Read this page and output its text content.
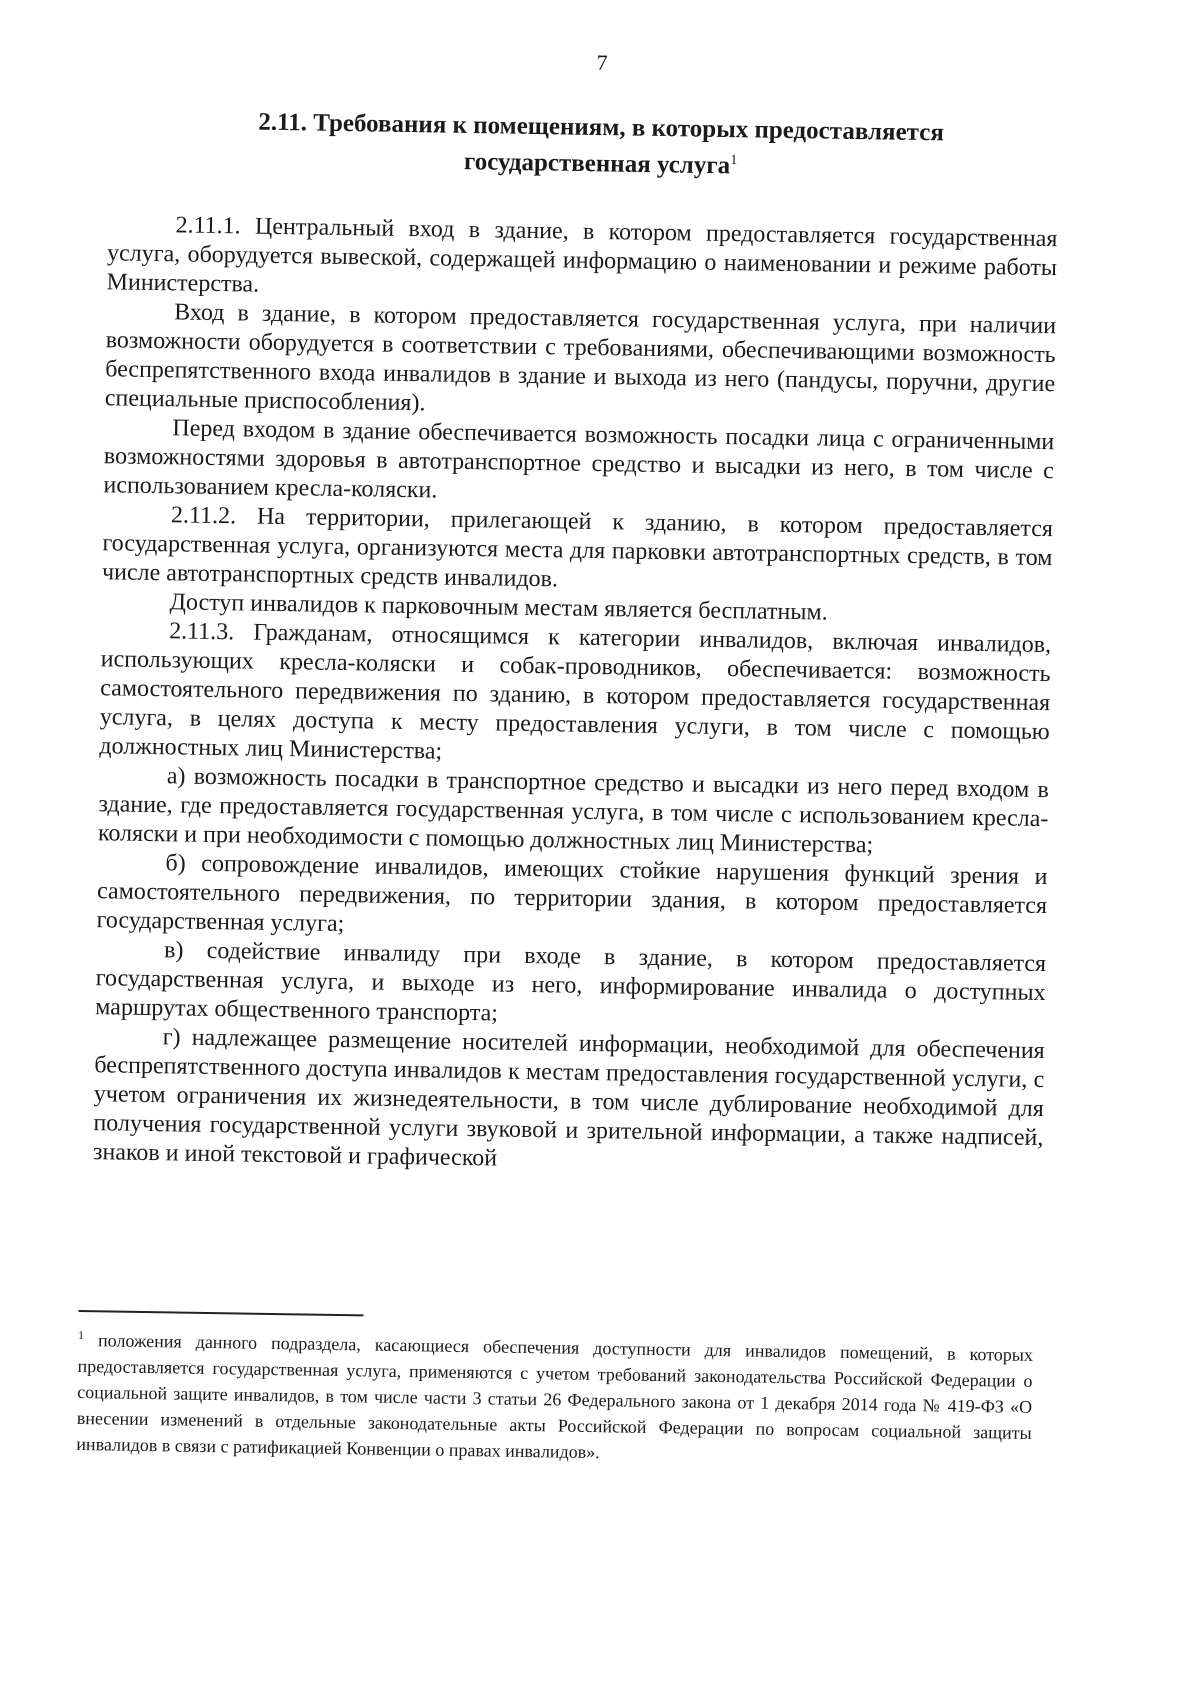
7
2.11. Требования к помещениям, в которых предоставляется
государственная услуга$^1$

2.11.1. Центральный вход в здание, в котором предоставляется государственная услуга, оборудуется вывеской, содержащей информацию о наименовании и режиме работы Министерства.

Вход в здание, в котором предоставляется государственная услуга, при наличии возможности оборудуется в соответствии с требованиями, обеспечивающими возможность беспрепятственного входа инвалидов в здание и выхода из него (пандусы, поручни, другие специальные приспособления).

Перед входом в здание обеспечивается возможность посадки лица с ограниченными возможностями здоровья в автотранспортное средство и высадки из него, в том числе с использованием кресла-коляски.

2.11.2. На территории, прилегающей к зданию, в котором предоставляется государственная услуга, организуются места для парковки автотранспортных средств, в том числе автотранспортных средств инвалидов.

Доступ инвалидов к парковочным местам является бесплатным.

2.11.3. Гражданам, относящимся к категории инвалидов, включая инвалидов, использующих кресла-коляски и собак-проводников, обеспечивается: возможность самостоятельного передвижения по зданию, в котором предоставляется государственная услуга, в целях доступа к месту предоставления услуги, в том числе с помощью должностных лиц Министерства;

а) возможность посадки в транспортное средство и высадки из него перед входом в здание, где предоставляется государственная услуга, в том числе с использованием кресла-коляски и при необходимости с помощью должностных лиц Министерства;

б) сопровождение инвалидов, имеющих стойкие нарушения функций зрения и самостоятельного передвижения, по территории здания, в котором предоставляется государственная услуга;

в) содействие инвалиду при входе в здание, в котором предоставляется государственная услуга, и выходе из него, информирование инвалида о доступных маршрутах общественного транспорта;

г) надлежащее размещение носителей информации, необходимой для обеспечения беспрепятственного доступа инвалидов к местам предоставления государственной услуги, с учетом ограничения их жизнедеятельности, в том числе дублирование необходимой для получения государственной услуги звуковой и зрительной информации, а также надписей, знаков и иной текстовой и графической

$^1$ положения данного подраздела, касающиеся обеспечения доступности для инвалидов помещений, в которых предоставляется государственная услуга, применяются с учетом требований законодательства Российской Федерации о социальной защите инвалидов, в том числе части 3 статьи 26 Федерального закона от 1 декабря 2014 года № 419-ФЗ «О внесении изменений в отдельные законодательные акты Российской Федерации по вопросам социальной защиты инвалидов в связи с ратификацией Конвенции о правах инвалидов».
